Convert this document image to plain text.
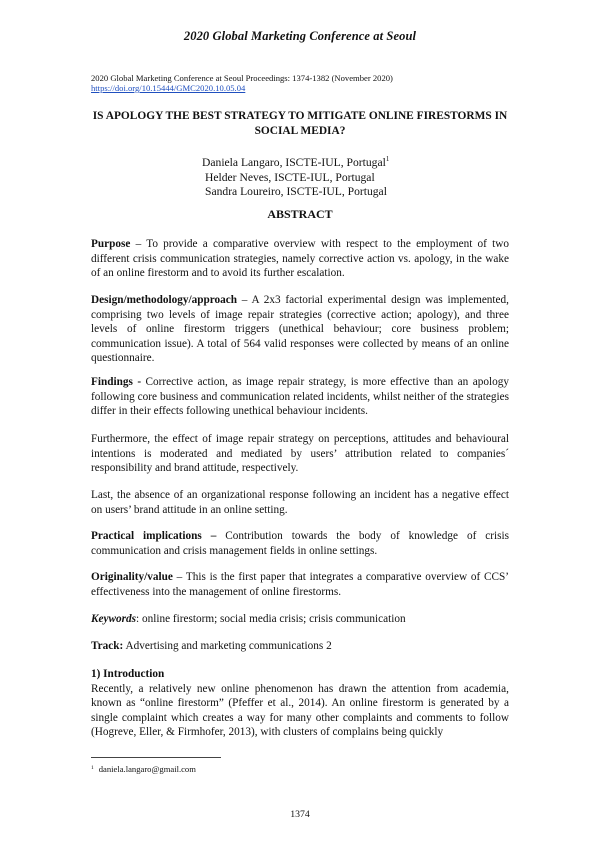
2020 Global Marketing Conference at Seoul
2020 Global Marketing Conference at Seoul Proceedings: 1374-1382 (November 2020)
https://doi.org/10.15444/GMC2020.10.05.04
IS APOLOGY THE BEST STRATEGY TO MITIGATE ONLINE FIRESTORMS IN SOCIAL MEDIA?
Daniela Langaro, ISCTE-IUL, Portugal$^1$
Helder Neves, ISCTE-IUL, Portugal
Sandra Loureiro, ISCTE-IUL, Portugal
ABSTRACT

Purpose – To provide a comparative overview with respect to the employment of two different crisis communication strategies, namely corrective action vs. apology, in the wake of an online firestorm and to avoid its further escalation.

Design/methodology/approach – A 2x3 factorial experimental design was implemented, comprising two levels of image repair strategies (corrective action; apology), and three levels of online firestorm triggers (unethical behaviour; core business problem; communication issue). A total of 564 valid responses were collected by means of an online questionnaire.

Findings - Corrective action, as image repair strategy, is more effective than an apology following core business and communication related incidents, whilst neither of the strategies differ in their effects following unethical behaviour incidents.

Furthermore, the effect of image repair strategy on perceptions, attitudes and behavioural intentions is moderated and mediated by users’ attribution related to companies´ responsibility and brand attitude, respectively.

Last, the absence of an organizational response following an incident has a negative effect on users’ brand attitude in an online setting.

Practical implications – Contribution towards the body of knowledge of crisis communication and crisis management fields in online settings.

Originality/value – This is the first paper that integrates a comparative overview of CCS’ effectiveness into the management of online firestorms.

Keywords: online firestorm; social media crisis; crisis communication

Track: Advertising and marketing communications 2

1) Introduction
Recently, a relatively new online phenomenon has drawn the attention from academia, known as “online firestorm” (Pfeffer et al., 2014). An online firestorm is generated by a single complaint which creates a way for many other complaints and comments to follow (Hogreve, Eller, & Firmhofer, 2013), with clusters of complains being quickly

$^1$ daniela.langaro@gmail.com
1374
